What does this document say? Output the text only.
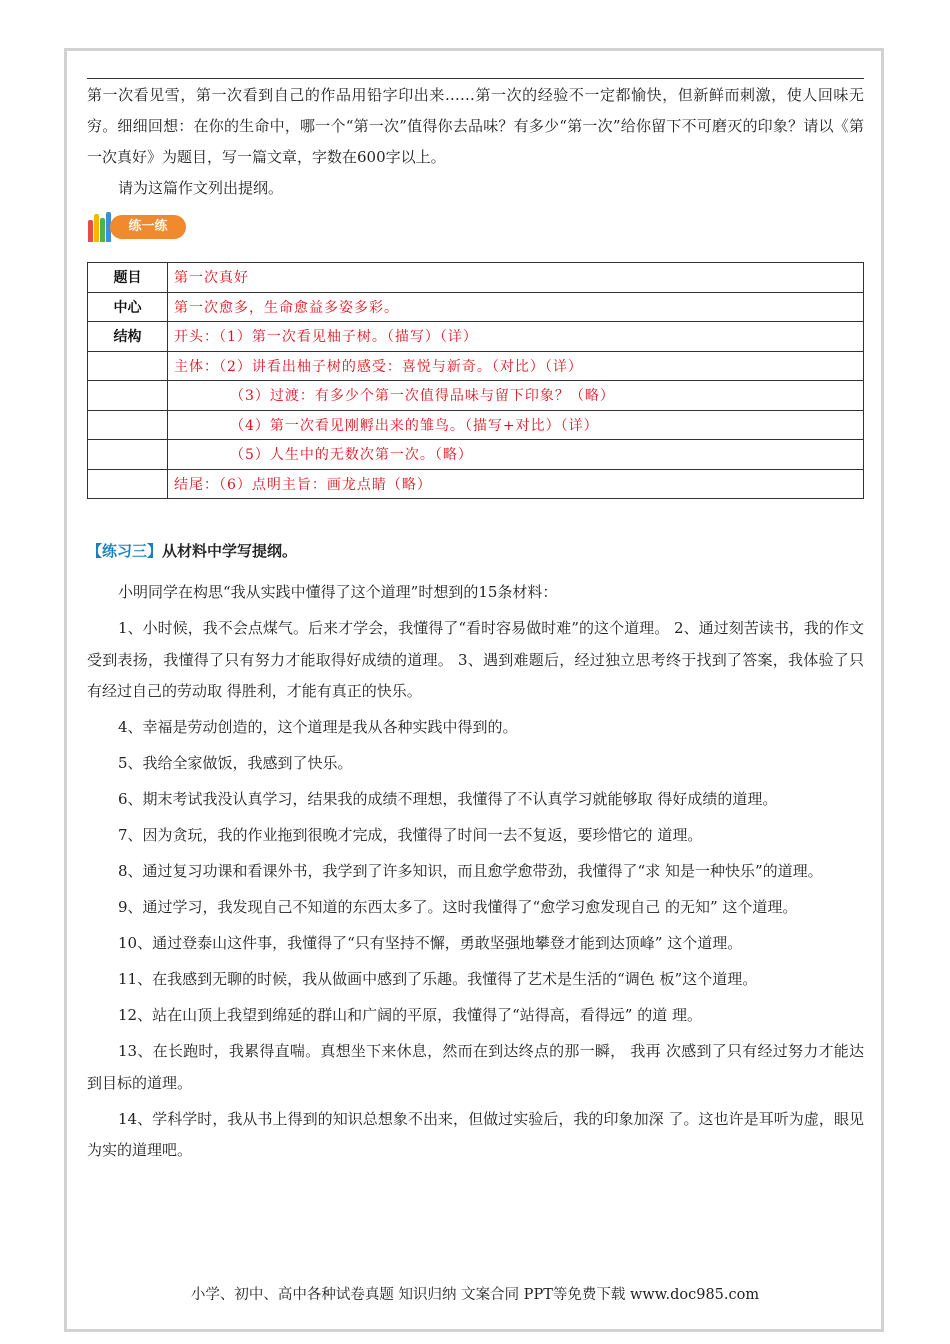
第一次看见雪，第一次看到自己的作品用铅字印出来……第一次的经验不一定都愉快，但新鲜而刺激，使人回味无穷。细细回想：在你的生命中，哪一个“第一次”值得你去品味？有多少“第一次”给你留下不可磨灭的印象？请以《第一次真好》为题目，写一篇文章，字数在600字以上。

请为这篇作文列出提纲。

练一练
题目	第一次真好
中心	第一次愈多，生命愈益多姿多彩。
结构	开头：（1）第一次看见柚子树。（描写）（详）
	主体：（2）讲看出柚子树的感受：喜悦与新奇。（对比）（详）
	（3）过渡：有多少个第一次值得品味与留下印象？（略）
	（4）第一次看见刚孵出来的雏鸟。（描写+对比）（详）
	（5）人生中的无数次第一次。（略）
	结尾：（6）点明主旨：画龙点睛（略）
【练习三】从材料中学写提纲。

小明同学在构思“我从实践中懂得了这个道理”时想到的15条材料：

1、小时候，我不会点煤气。后来才学会，我懂得了“看时容易做时难”的这个道理。 2、通过刻苦读书，我的作文受到表扬，我懂得了只有努力才能取得好成绩的道理。 3、遇到难题后，经过独立思考终于找到了答案，我体验了只有经过自己的劳动取 得胜利，才能有真正的快乐。

4、幸福是劳动创造的，这个道理是我从各种实践中得到的。

5、我给全家做饭，我感到了快乐。

6、期末考试我没认真学习，结果我的成绩不理想，我懂得了不认真学习就能够取 得好成绩的道理。

7、因为贪玩，我的作业拖到很晚才完成，我懂得了时间一去不复返，要珍惜它的 道理。

8、通过复习功课和看课外书，我学到了许多知识，而且愈学愈带劲，我懂得了“求 知是一种快乐”的道理。

9、通过学习，我发现自己不知道的东西太多了。这时我懂得了“愈学习愈发现自己 的无知” 这个道理。

10、通过登泰山这件事，我懂得了“只有坚持不懈，勇敢坚强地攀登才能到达顶峰” 这个道理。

11、在我感到无聊的时候，我从做画中感到了乐趣。我懂得了艺术是生活的“调色 板”这个道理。

12、站在山顶上我望到绵延的群山和广阔的平原，我懂得了“站得高，看得远” 的道 理。

13、在长跑时，我累得直喘。真想坐下来休息，然而在到达终点的那一瞬， 我再 次感到了只有经过努力才能达到目标的道理。

14、学科学时，我从书上得到的知识总想象不出来，但做过实验后，我的印象加深 了。这也许是耳听为虚，眼见为实的道理吧。

小学、初中、高中各种试卷真题 知识归纳 文案合同 PPT等免费下载 www.doc985.com
